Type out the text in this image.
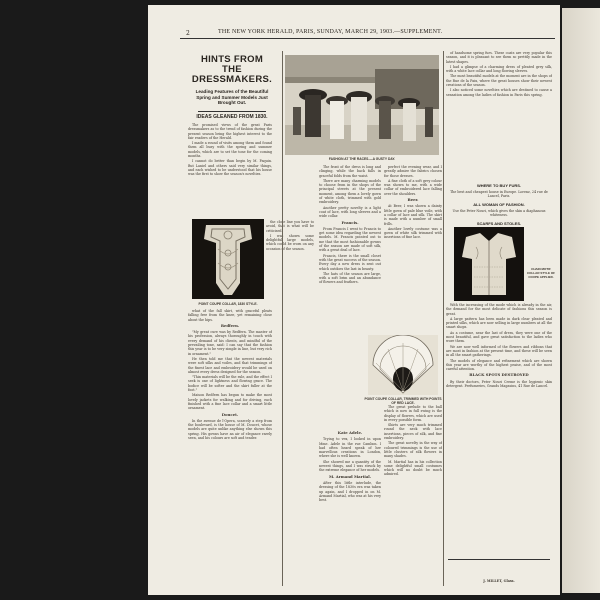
2	THE NEW YORK HERALD, PARIS, SUNDAY, MARCH 29, 1903.—SUPPLEMENT.
HINTS FROM THE DRESSMAKERS.
Leading Features of the Beautiful Spring and Summer Models Just Brought Out.
IDEAS GLEANED FROM 1830.

The promised views of the great Paris dressmakers as to the trend of fashion during the present season bring the highest interest to the fair readers of the Herald.

I made a round of visits among them and found them all busy with the spring and summer models, which are to set the tone for the coming months.

I cannot do better than begin by M. Paquin. But Laniel and others said very similar things, and each wished to be understood that his house was the first to show the season's novelties.

the close line you have to avoid, that is what will be criticised.

I was shown some delightful large models, which could be worn on any occasion of the season.

POINT COUPE COLLAR, 1830 STYLE.

what of the fall skirt, with graceful pleats falling free from the knee, yet remaining close about the hips.

Redfern.

"My great cure was by Redfern. The master of his profession, always thoroughly in touch with every demand of his clients, and mindful of the prevailing tone, said: I can say that the fashion this year is to be very simple in line, but very rich in ornament."

He then told me that the newest materials were soft silks and voiles, and that trimmings of the finest lace and embroidery would be used on almost every dress designed for the season.

"Thin materials will be the rule, and the effect I seek is one of lightness and flowing grace. The bodice will be softer and the skirt fuller at the foot."

Maison Redfern has begun to make the most lovely jackets for walking and for driving, each finished with a fine lace collar and a smart little ornament.

Doucet.

In the avenue de l'Opera, scarcely a step from the boulevard, is the house of M. Doucet, whose models are quite unlike anything else shown this spring. His gowns have an air of elegance rarely seen, and his colours are soft and tender.

FASHION AT THE RACES.—A GUSTY DAY.

The front of the dress is long and clinging, while the back falls in graceful folds from the waist.

There are many charming models to choose from in the shops of the principal streets at the present moment, among them a lovely gown of white cloth, trimmed with gold embroidery.

Another pretty novelty is a light coat of lace, with long sleeves and a wide collar.

Francis.

From Francis I went to Francis to get some idea regarding the newest models. M. Francis pointed out to me that the most fashionable gowns of the season are made of soft silk, with a great deal of lace.

Francis, there is the small closet with the great success of the season. Every day a new dress is sent out which outdoes the last in beauty.

The hats of the season are large, with a soft brim and an abundance of flowers and feathers.

perfect the evening wear, and I greatly admire the fabrics chosen for those dresses.

A fine cloth of a soft grey colour was shown to me, with a wide collar of embroidered lace falling over the shoulders.

Beer.

At Beer, I was shown a dainty little gown of pale blue voile, with a collar of lace and silk. The skirt is made with a number of small frills.

Another lovely costume was a gown of white silk trimmed with insertions of fine lace.

POINT COUPE COLLAR, TRIMMED WITH POINTS OF RED LACE.
Kate Adele.

Trying to vex, I looked in upon Mme. Adele in the rue Cambon. I had often heard speak of her marvellous creations in London, where she is well known.

She showed me a quantity of the newest things, and I was struck by the extreme elegance of her models.

M. Armand Martial.

After this little interlude, the dressing of the 1830s era was taken up again, and I dropped in on M. Armand Martial, who was at his very best.

The great prelude to the ball which is now in full swing is the display of flowers, which are used in every possible form.

Shirts are very much trimmed round the neck with lace insertions, pieces of silk, and fine embroidery.

The great novelty in the way of coloured trimmings is the use of little clusters of silk flowers in many shades.

M. Martial has in his collection some delightful small costumes which will no doubt be much admired.

of handsome spring furs. These coats are very popular this season, and it is pleasant to see them so prettily made in the latest shapes.

I had a glimpse of a charming dress of pleated grey silk, with a white lace collar and long flowing sleeves.

The most beautiful models at the moment are in the shops of the Rue de la Paix, where the great houses show their newest creations of the season.

I also noticed some novelties which are destined to cause a sensation among the ladies of fashion in Paris this spring.

WHERE TO BUY FURS.
The best and cheapest house in Europe. Lorenz, 24 rue de Lancel, Paris.
ALL WOMAN OF FASHION.
Use the Peter Nouri, which gives the skin a diaphanous whiteness.
SCARFS AND STOLES.
CHAIN MOTIF COLLAR STYLE OF COUPE APPLIED.

With the increasing of the mode which is already in the air, the demand for the most delicate of fashions this season is great.

A large pattern has been made in dark clear pleated and printed silks, which are now selling in large numbers at all the smart shops.

As a costume, near the last of dress, they were one of the most beautiful, and gave great satisfaction to the ladies who wore them.

We are now well informed of the flowers and ribbons that are most in fashion at the present time, and these will be seen in all the smart gatherings.

The models of elegance and refinement which are shown this year are worthy of the highest praise, and of the most careful attention.

BLACK SPOTS DESTROYED

By their doctors, Peter Nouri Creme is the hygienic skin detergent. Perfumeries, Grands Magasins, 41 Rue de Lancel.

J. MILLET, Glass.
